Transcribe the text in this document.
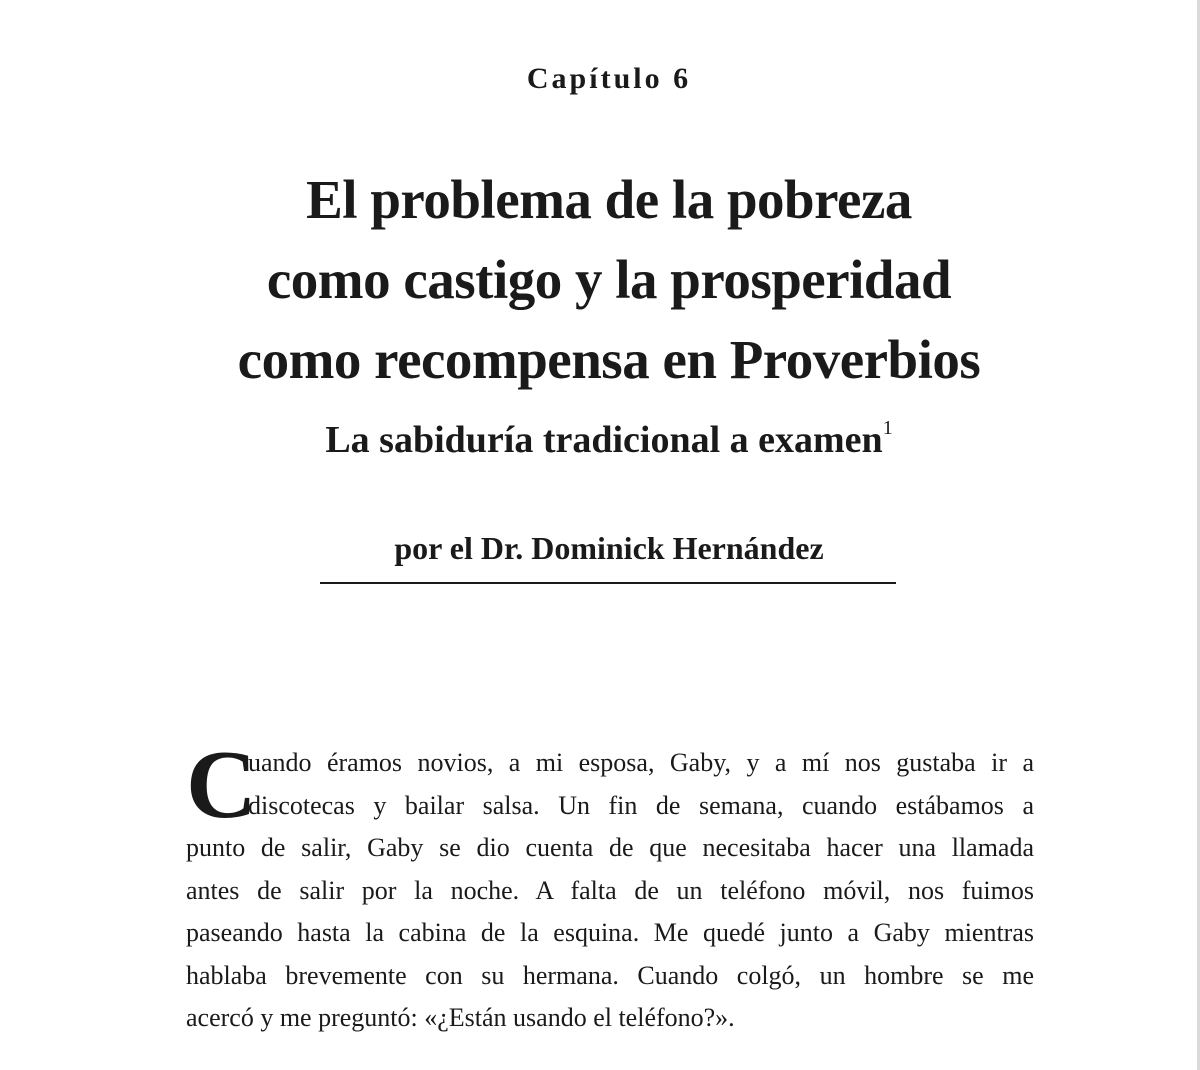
Capítulo 6
El problema de la pobreza
como castigo y la prosperidad
como recompensa en Proverbios
La sabiduría tradicional a examen$^1$
por el Dr. Dominick Hernández
C
uando éramos novios, a mi esposa, Gaby, y a mí nos gustaba ir a
discotecas y bailar salsa. Un fin de semana, cuando estábamos a
punto de salir, Gaby se dio cuenta de que necesitaba hacer una llamada
antes de salir por la noche. A falta de un teléfono móvil, nos fuimos
paseando hasta la cabina de la esquina. Me quedé junto a Gaby mientras
hablaba brevemente con su hermana. Cuando colgó, un hombre se me
acercó y me preguntó: «¿Están usando el teléfono?».
